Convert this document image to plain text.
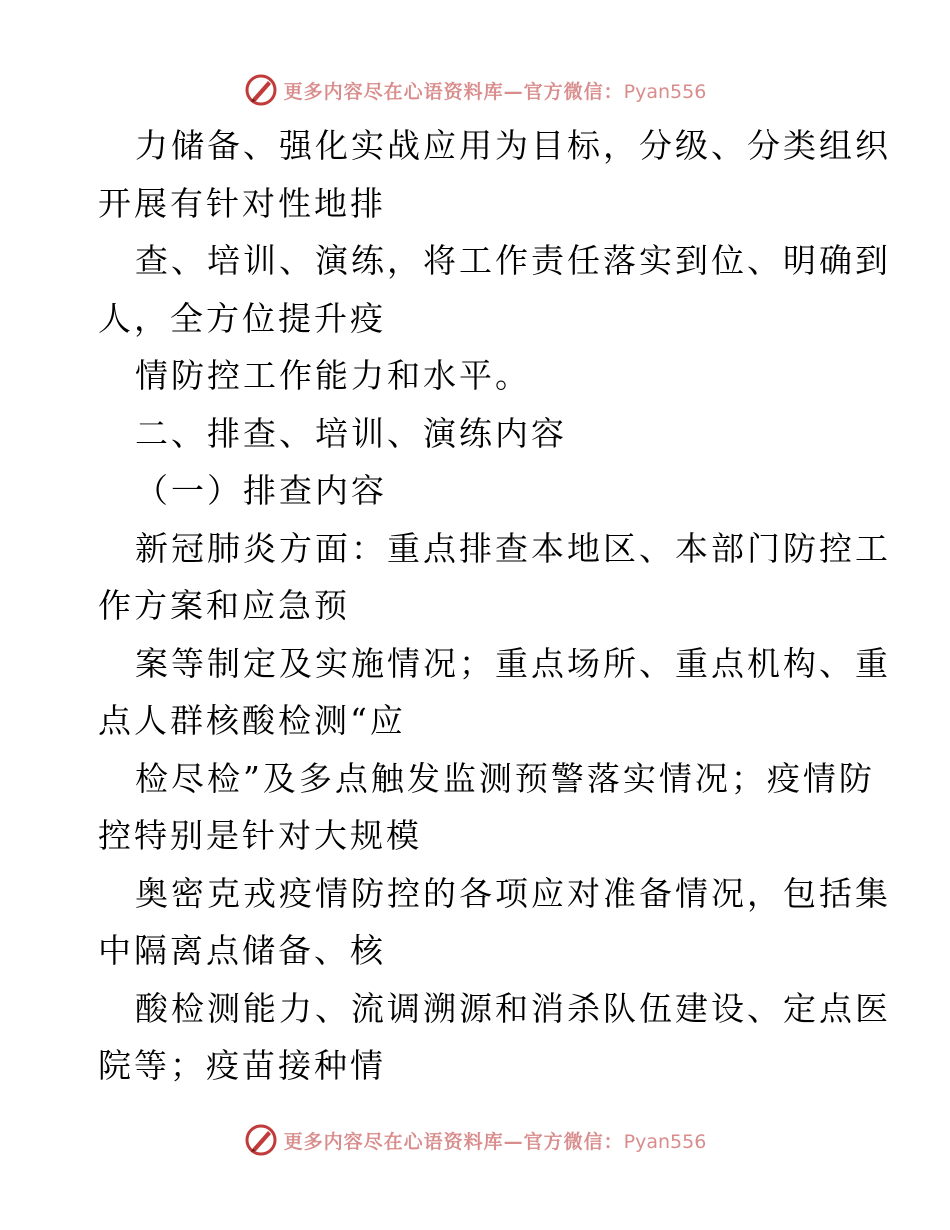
更多内容尽在心语资料库—官方微信：Pyan556
力储备、强化实战应用为目标，分级、分类组织
开展有针对性地排
查、培训、演练，将工作责任落实到位、明确到
人，全方位提升疫
情防控工作能力和水平。
二、排查、培训、演练内容
（一）排查内容
新冠肺炎方面：重点排查本地区、本部门防控工
作方案和应急预
案等制定及实施情况；重点场所、重点机构、重
点人群核酸检测“应
检尽检”及多点触发监测预警落实情况；疫情防
控特别是针对大规模
奥密克戎疫情防控的各项应对准备情况，包括集
中隔离点储备、核
酸检测能力、流调溯源和消杀队伍建设、定点医
院等；疫苗接种情
更多内容尽在心语资料库—官方微信：Pyan556
